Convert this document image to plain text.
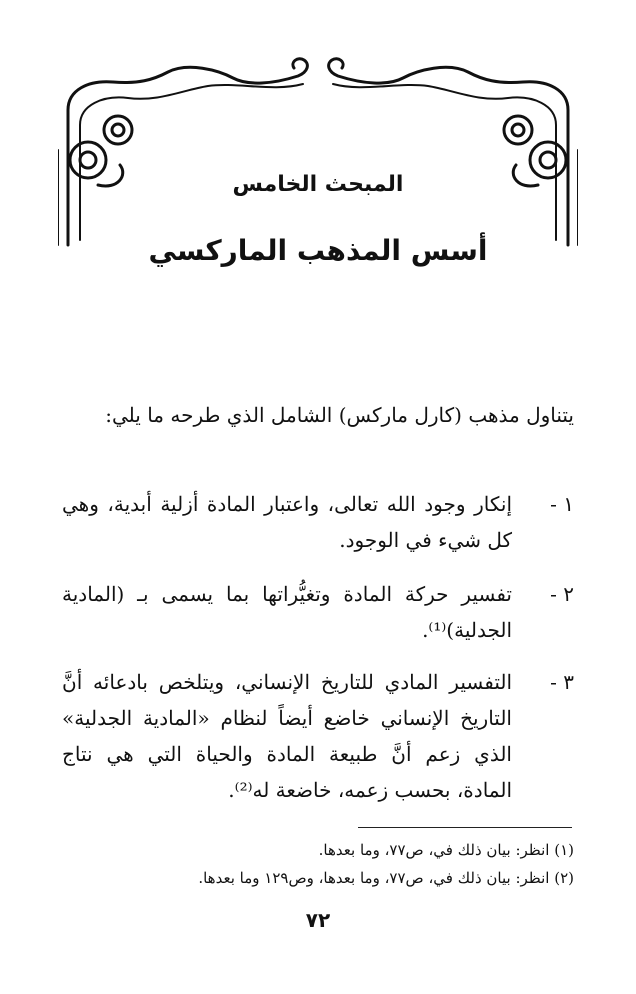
المبحث الخامس
أسس المذهب الماركسي
يتناول مذهب (كارل ماركس) الشامل الذي طرحه ما يلي:
١ -
إنكار وجود الله تعالى، واعتبار المادة أزلية أبدية، وهي كل شيء في الوجود.
٢ -
تفسير حركة المادة وتغيُّراتها بما يسمى بـ (المادية الجدلية)⁽¹⁾.
٣ -
التفسير المادي للتاريخ الإنساني، ويتلخص بادعائه أنَّ التاريخ الإنساني خاضع أيضاً لنظام «المادية الجدلية» الذي زعم أنَّ طبيعة المادة والحياة التي هي نتاج المادة، بحسب زعمه، خاضعة له⁽²⁾.
(١) انظر: بيان ذلك في، ص٧٧، وما بعدها.
(٢) انظر: بيان ذلك في، ص٧٧، وما بعدها، وص١٢٩ وما بعدها.
٧٢
